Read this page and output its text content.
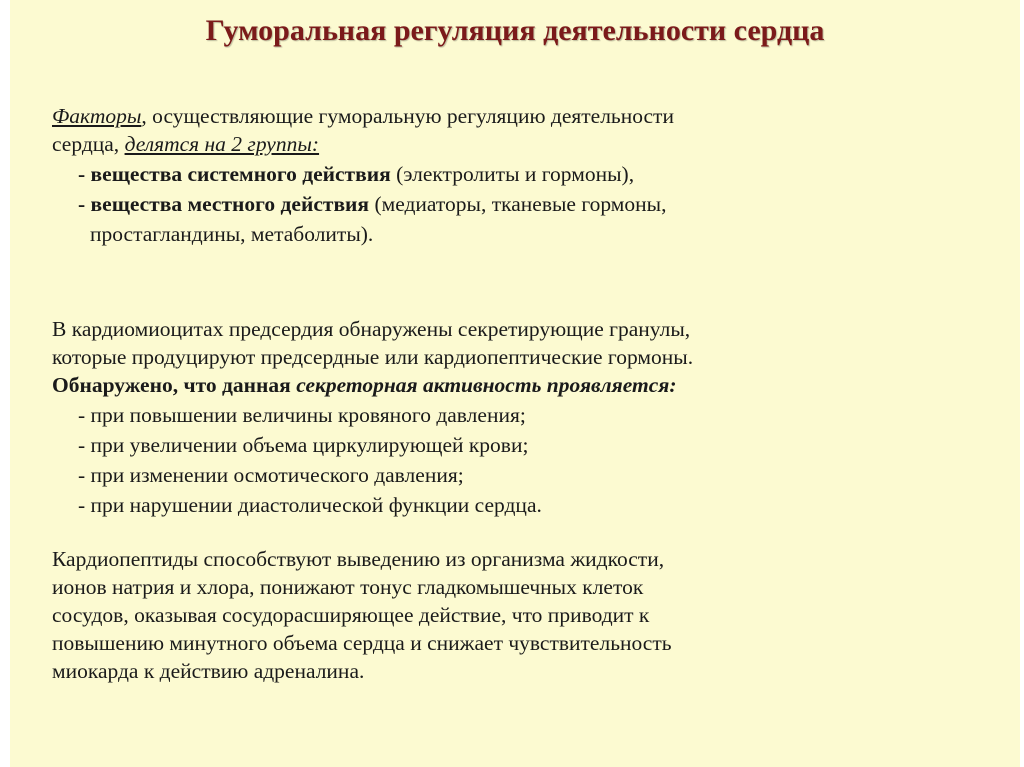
Гуморальная регуляция деятельности сердца
Факторы, осуществляющие гуморальную регуляцию деятельности
сердца, делятся на 2 группы:
- вещества системного действия (электролиты и гормоны),
- вещества местного действия (медиаторы, тканевые гормоны,
простагландины, метаболиты).
В кардиомиоцитах предсердия обнаружены секретирующие гранулы,
которые продуцируют предсердные или кардиопептические гормоны.
Обнаружено, что данная секреторная активность проявляется:
- при повышении величины кровяного давления;
- при увеличении объема циркулирующей крови;
- при изменении осмотического давления;
- при нарушении диастолической функции сердца.
Кардиопептиды способствуют выведению из организма жидкости,
ионов натрия и хлора, понижают тонус гладкомышечных клеток
сосудов, оказывая сосудорасширяющее действие, что приводит к
повышению минутного объема сердца и снижает чувствительность
миокарда к действию адреналина.
